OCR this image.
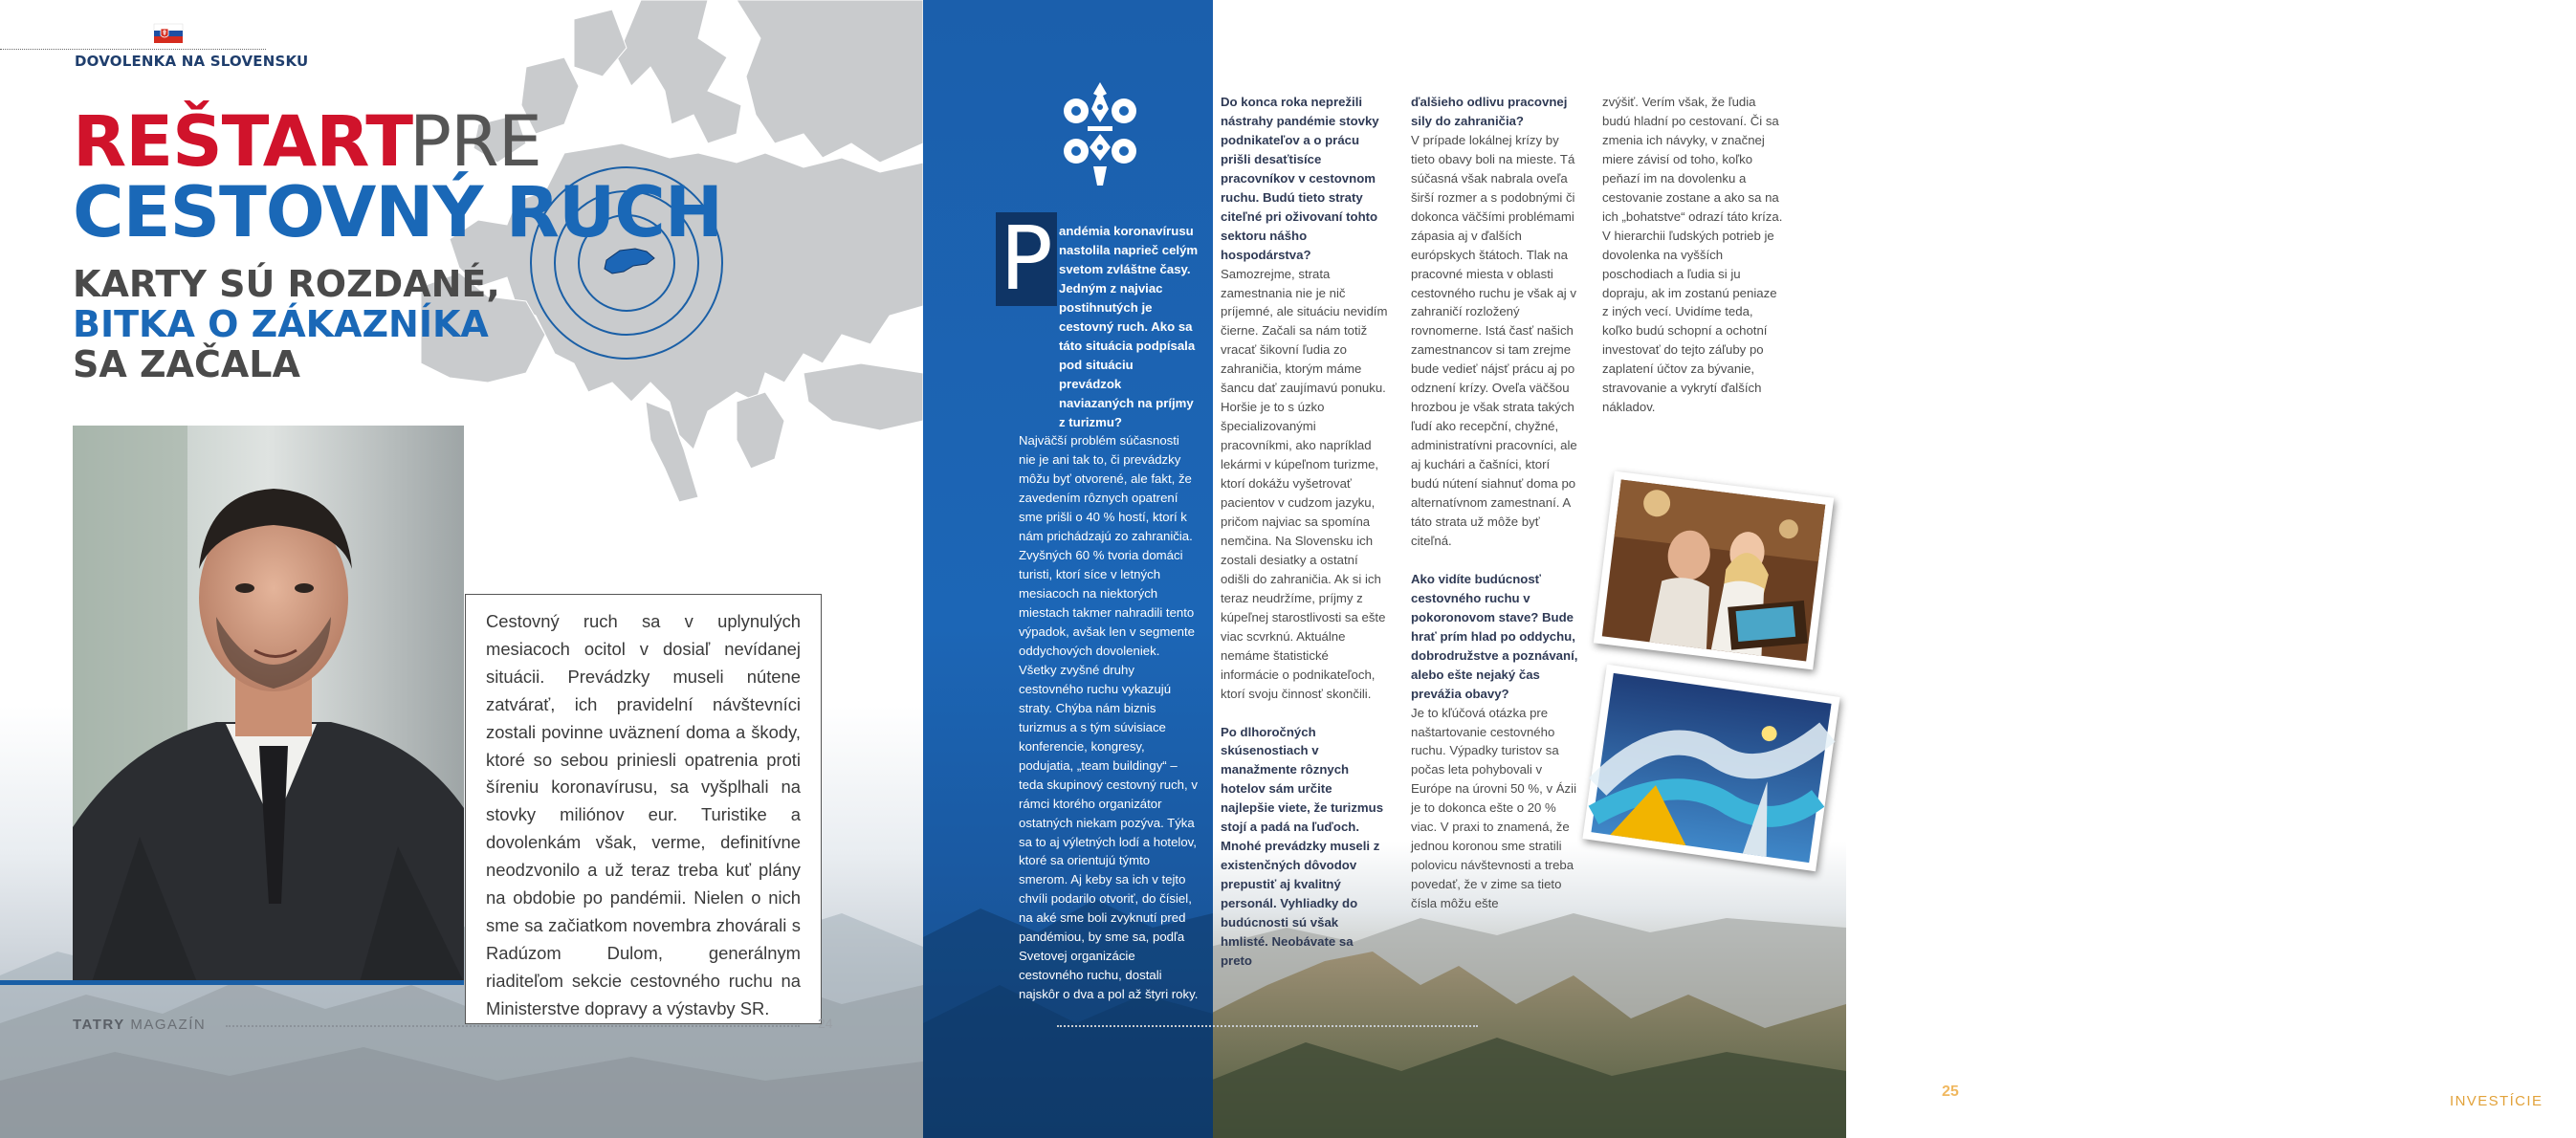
DOVOLENKA NA SLOVENSKU
REŠTART
PRE
CESTOVNÝ RUCH
KARTY SÚ ROZDANÉ,
BITKA O ZÁKAZNÍKA
SA ZAČALA
Cestovný ruch sa v uplynulých mesiacoch ocitol v dosiaľ nevídanej situácii. Prevádzky museli nútene zatvárať, ich pravidelní návštevníci zostali povinne uväznení doma a škody, ktoré so sebou priniesli opatrenia proti šíreniu koronavírusu, sa vyšplhali na stovky miliónov eur. Turistike a dovolenkám však, verme, definitívne neodzvonilo a už teraz treba kuť plány na obdobie po pandémii. Nielen o nich sme sa začiatkom novembra zhovárali s Radúzom Dulom, generálnym riaditeľom sekcie cestovného ruchu na Ministerstve dopravy a výstavby SR.
TATRY MAGAZÍN	24
P andémia koronavírusu nastolila naprieč celým svetom zvláštne časy. Jedným z najviac postihnutých je cestovný ruch. Ako sa táto situácia podpísala pod situáciu prevádzok naviazaných na príjmy z turizmu?
Najväčší problém súčasnosti nie je ani tak to, či prevádzky môžu byť otvorené, ale fakt, že zavedením rôznych opatrení sme prišli o 40 % hostí, ktorí k nám prichádzajú zo zahraničia. Zvyšných 60 % tvoria domáci turisti, ktorí síce v letných mesiacoch na niektorých miestach takmer nahradili tento výpadok, avšak len v segmente oddychových dovoleniek. Všetky zvyšné druhy cestovného ruchu vykazujú straty. Chýba nám biznis turizmus a s tým súvisiace konferencie, kongresy, podujatia, „team buildingy“ – teda skupinový cestovný ruch, v rámci ktorého organizátor ostatných niekam pozýva. Týka sa to aj výletných lodí a hotelov, ktoré sa orientujú týmto smerom. Aj keby sa ich v tejto chvíli podarilo otvoriť, do čísiel, na aké sme boli zvyknutí pred pandémiou, by sme sa, podľa Svetovej organizácie cestovného ruchu, dostali najskôr o dva a pol až štyri roky.
Do konca roka neprežili nástrahy pandémie stovky podnikateľov a o prácu prišli desaťtisíce pracovníkov v cestovnom ruchu. Budú tieto straty citeľné pri oživovaní tohto sektoru nášho hospodárstva?
Samozrejme, strata zamestnania nie je nič príjemné, ale situáciu nevidím čierne. Začali sa nám totiž vracať šikovní ľudia zo zahraničia, ktorým máme šancu dať zaujímavú ponuku. Horšie je to s úzko špecializovanými pracovníkmi, ako napríklad lekármi v kúpeľnom turizme, ktorí dokážu vyšetrovať pacientov v cudzom jazyku, pričom najviac sa spomína nemčina. Na Slovensku ich zostali desiatky a ostatní odišli do zahraničia. Ak si ich teraz neudržíme, príjmy z kúpeľnej starostlivosti sa ešte viac scvrknú. Aktuálne nemáme štatistické informácie o podnikateľoch, ktorí svoju činnosť skončili.
Po dlhoročných skúsenostiach v manažmente rôznych hotelov sám určite najlepšie viete, že turizmus stojí a padá na ľuďoch. Mnohé prevádzky museli z existenčných dôvodov prepustiť aj kvalitný personál. Vyhliadky do budúcnosti sú však hmlisté. Neobávate sa preto
ďalšieho odlivu pracovnej sily do zahraničia?
V prípade lokálnej krízy by tieto obavy boli na mieste. Tá súčasná však nabrala oveľa širší rozmer a s podobnými či dokonca väčšími problémami zápasia aj v ďalších európskych štátoch. Tlak na pracovné miesta v oblasti cestovného ruchu je však aj v zahraničí rozložený rovnomerne. Istá časť našich zamestnancov si tam zrejme bude vedieť nájsť prácu aj po odznení krízy. Oveľa väčšou hrozbou je však strata takých ľudí ako recepční, chyžné, administratívni pracovníci, ale aj kuchári a čašníci, ktorí budú nútení siahnuť doma po alternatívnom zamestnaní. A táto strata už môže byť citeľná.
Ako vidíte budúcnosť cestovného ruchu v pokoronovom stave? Bude hrať prím hlad po oddychu, dobrodružstve a poznávaní, alebo ešte nejaký čas prevážia obavy?
Je to kľúčová otázka pre naštartovanie cestovného ruchu. Výpadky turistov sa počas leta pohybovali v Európe na úrovni 50 %, v Ázii je to dokonca ešte o 20 % viac. V praxi to znamená, že jednou koronou sme stratili polovicu návštevnosti a treba povedať, že v zime sa tieto čísla môžu ešte
zvýšiť. Verím však, že ľudia budú hladní po cestovaní. Či sa zmenia ich návyky, v značnej miere závisí od toho, koľko peňazí im na dovolenku a cestovanie zostane a ako sa na ich „bohatstve“ odrazí táto kríza. V hierarchii ľudských potrieb je dovolenka na vyšších poschodiach a ľudia si ju dopraju, ak im zostanú peniaze z iných vecí. Uvidíme teda, koľko budú schopní a ochotní investovať do tejto záľuby po zaplatení účtov za bývanie, stravovanie a vykrytí ďalších nákladov.
25	PODPORUJEME INVESTÍCIE
